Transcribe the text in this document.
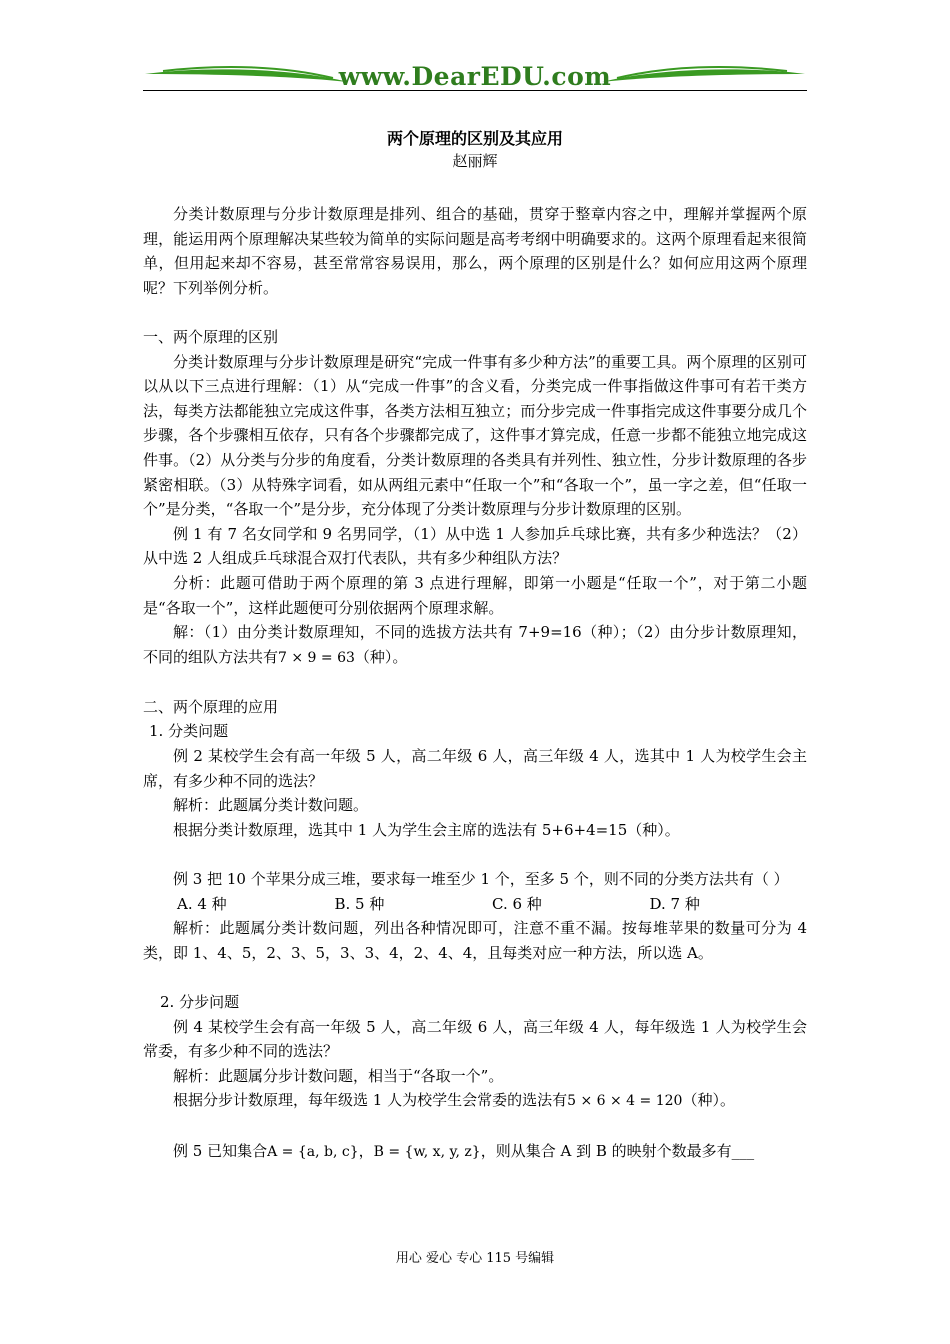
www.DearEDU.com
两个原理的区别及其应用
赵丽辉

分类计数原理与分步计数原理是排列、组合的基础，贯穿于整章内容之中，理解并掌握两个原理，能运用两个原理解决某些较为简单的实际问题是高考考纲中明确要求的。这两个原理看起来很简单，但用起来却不容易，甚至常常容易误用，那么，两个原理的区别是什么？如何应用这两个原理呢？下列举例分析。

一、两个原理的区别

分类计数原理与分步计数原理是研究“完成一件事有多少种方法”的重要工具。两个原理的区别可以从以下三点进行理解：（1）从“完成一件事”的含义看，分类完成一件事指做这件事可有若干类方法，每类方法都能独立完成这件事，各类方法相互独立；而分步完成一件事指完成这件事要分成几个步骤，各个步骤相互依存，只有各个步骤都完成了，这件事才算完成，任意一步都不能独立地完成这件事。（2）从分类与分步的角度看，分类计数原理的各类具有并列性、独立性，分步计数原理的各步紧密相联。（3）从特殊字词看，如从两组元素中“任取一个”和“各取一个”，虽一字之差，但“任取一个”是分类，“各取一个”是分步，充分体现了分类计数原理与分步计数原理的区别。

例 1 有 7 名女同学和 9 名男同学，（1）从中选 1 人参加乒乓球比赛，共有多少种选法？（2）从中选 2 人组成乒乓球混合双打代表队，共有多少种组队方法？

分析：此题可借助于两个原理的第 3 点进行理解，即第一小题是“任取一个”，对于第二小题是“各取一个”，这样此题便可分别依据两个原理求解。

解：（1）由分类计数原理知，不同的选拔方法共有 7+9=16（种）；（2）由分步计数原理知，不同的组队方法共有7 × 9 = 63（种）。

二、两个原理的应用

1. 分类问题

例 2 某校学生会有高一年级 5 人，高二年级 6 人，高三年级 4 人，选其中 1 人为校学生会主席，有多少种不同的选法？

解析：此题属分类计数问题。

根据分类计数原理，选其中 1 人为学生会主席的选法有 5+6+4=15（种）。

例 3 把 10 个苹果分成三堆，要求每一堆至少 1 个，至多 5 个，则不同的分类方法共有（ ）

A. 4 种	B. 5 种	C. 6 种	D. 7 种

解析：此题属分类计数问题，列出各种情况即可，注意不重不漏。按每堆苹果的数量可分为 4 类，即 1、4、5，2、3、5，3、3、4，2、4、4，且每类对应一种方法，所以选 A。

2. 分步问题

例 4 某校学生会有高一年级 5 人，高二年级 6 人，高三年级 4 人，每年级选 1 人为校学生会常委，有多少种不同的选法？

解析：此题属分步计数问题，相当于“各取一个”。

根据分步计数原理，每年级选 1 人为校学生会常委的选法有5 × 6 × 4 = 120（种）。

例 5 已知集合A = {a, b, c}，B = {w, x, y, z}，则从集合 A 到 B 的映射个数最多有___

用心 爱心 专心 115 号编辑
